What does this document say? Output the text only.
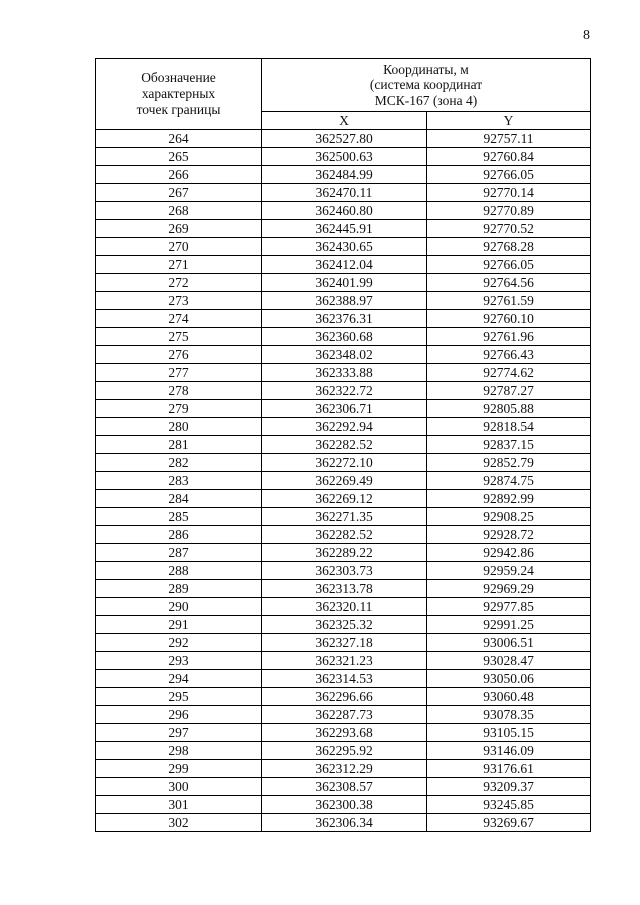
8
Обозначение
характерных
точек границы	Координаты, м
(система координат
МСК-167 (зона 4)	

	X	Y
264	362527.80	92757.11
265	362500.63	92760.84
266	362484.99	92766.05
267	362470.11	92770.14
268	362460.80	92770.89
269	362445.91	92770.52
270	362430.65	92768.28
271	362412.04	92766.05
272	362401.99	92764.56
273	362388.97	92761.59
274	362376.31	92760.10
275	362360.68	92761.96
276	362348.02	92766.43
277	362333.88	92774.62
278	362322.72	92787.27
279	362306.71	92805.88
280	362292.94	92818.54
281	362282.52	92837.15
282	362272.10	92852.79
283	362269.49	92874.75
284	362269.12	92892.99
285	362271.35	92908.25
286	362282.52	92928.72
287	362289.22	92942.86
288	362303.73	92959.24
289	362313.78	92969.29
290	362320.11	92977.85
291	362325.32	92991.25
292	362327.18	93006.51
293	362321.23	93028.47
294	362314.53	93050.06
295	362296.66	93060.48
296	362287.73	93078.35
297	362293.68	93105.15
298	362295.92	93146.09
299	362312.29	93176.61
300	362308.57	93209.37
301	362300.38	93245.85
302	362306.34	93269.67
